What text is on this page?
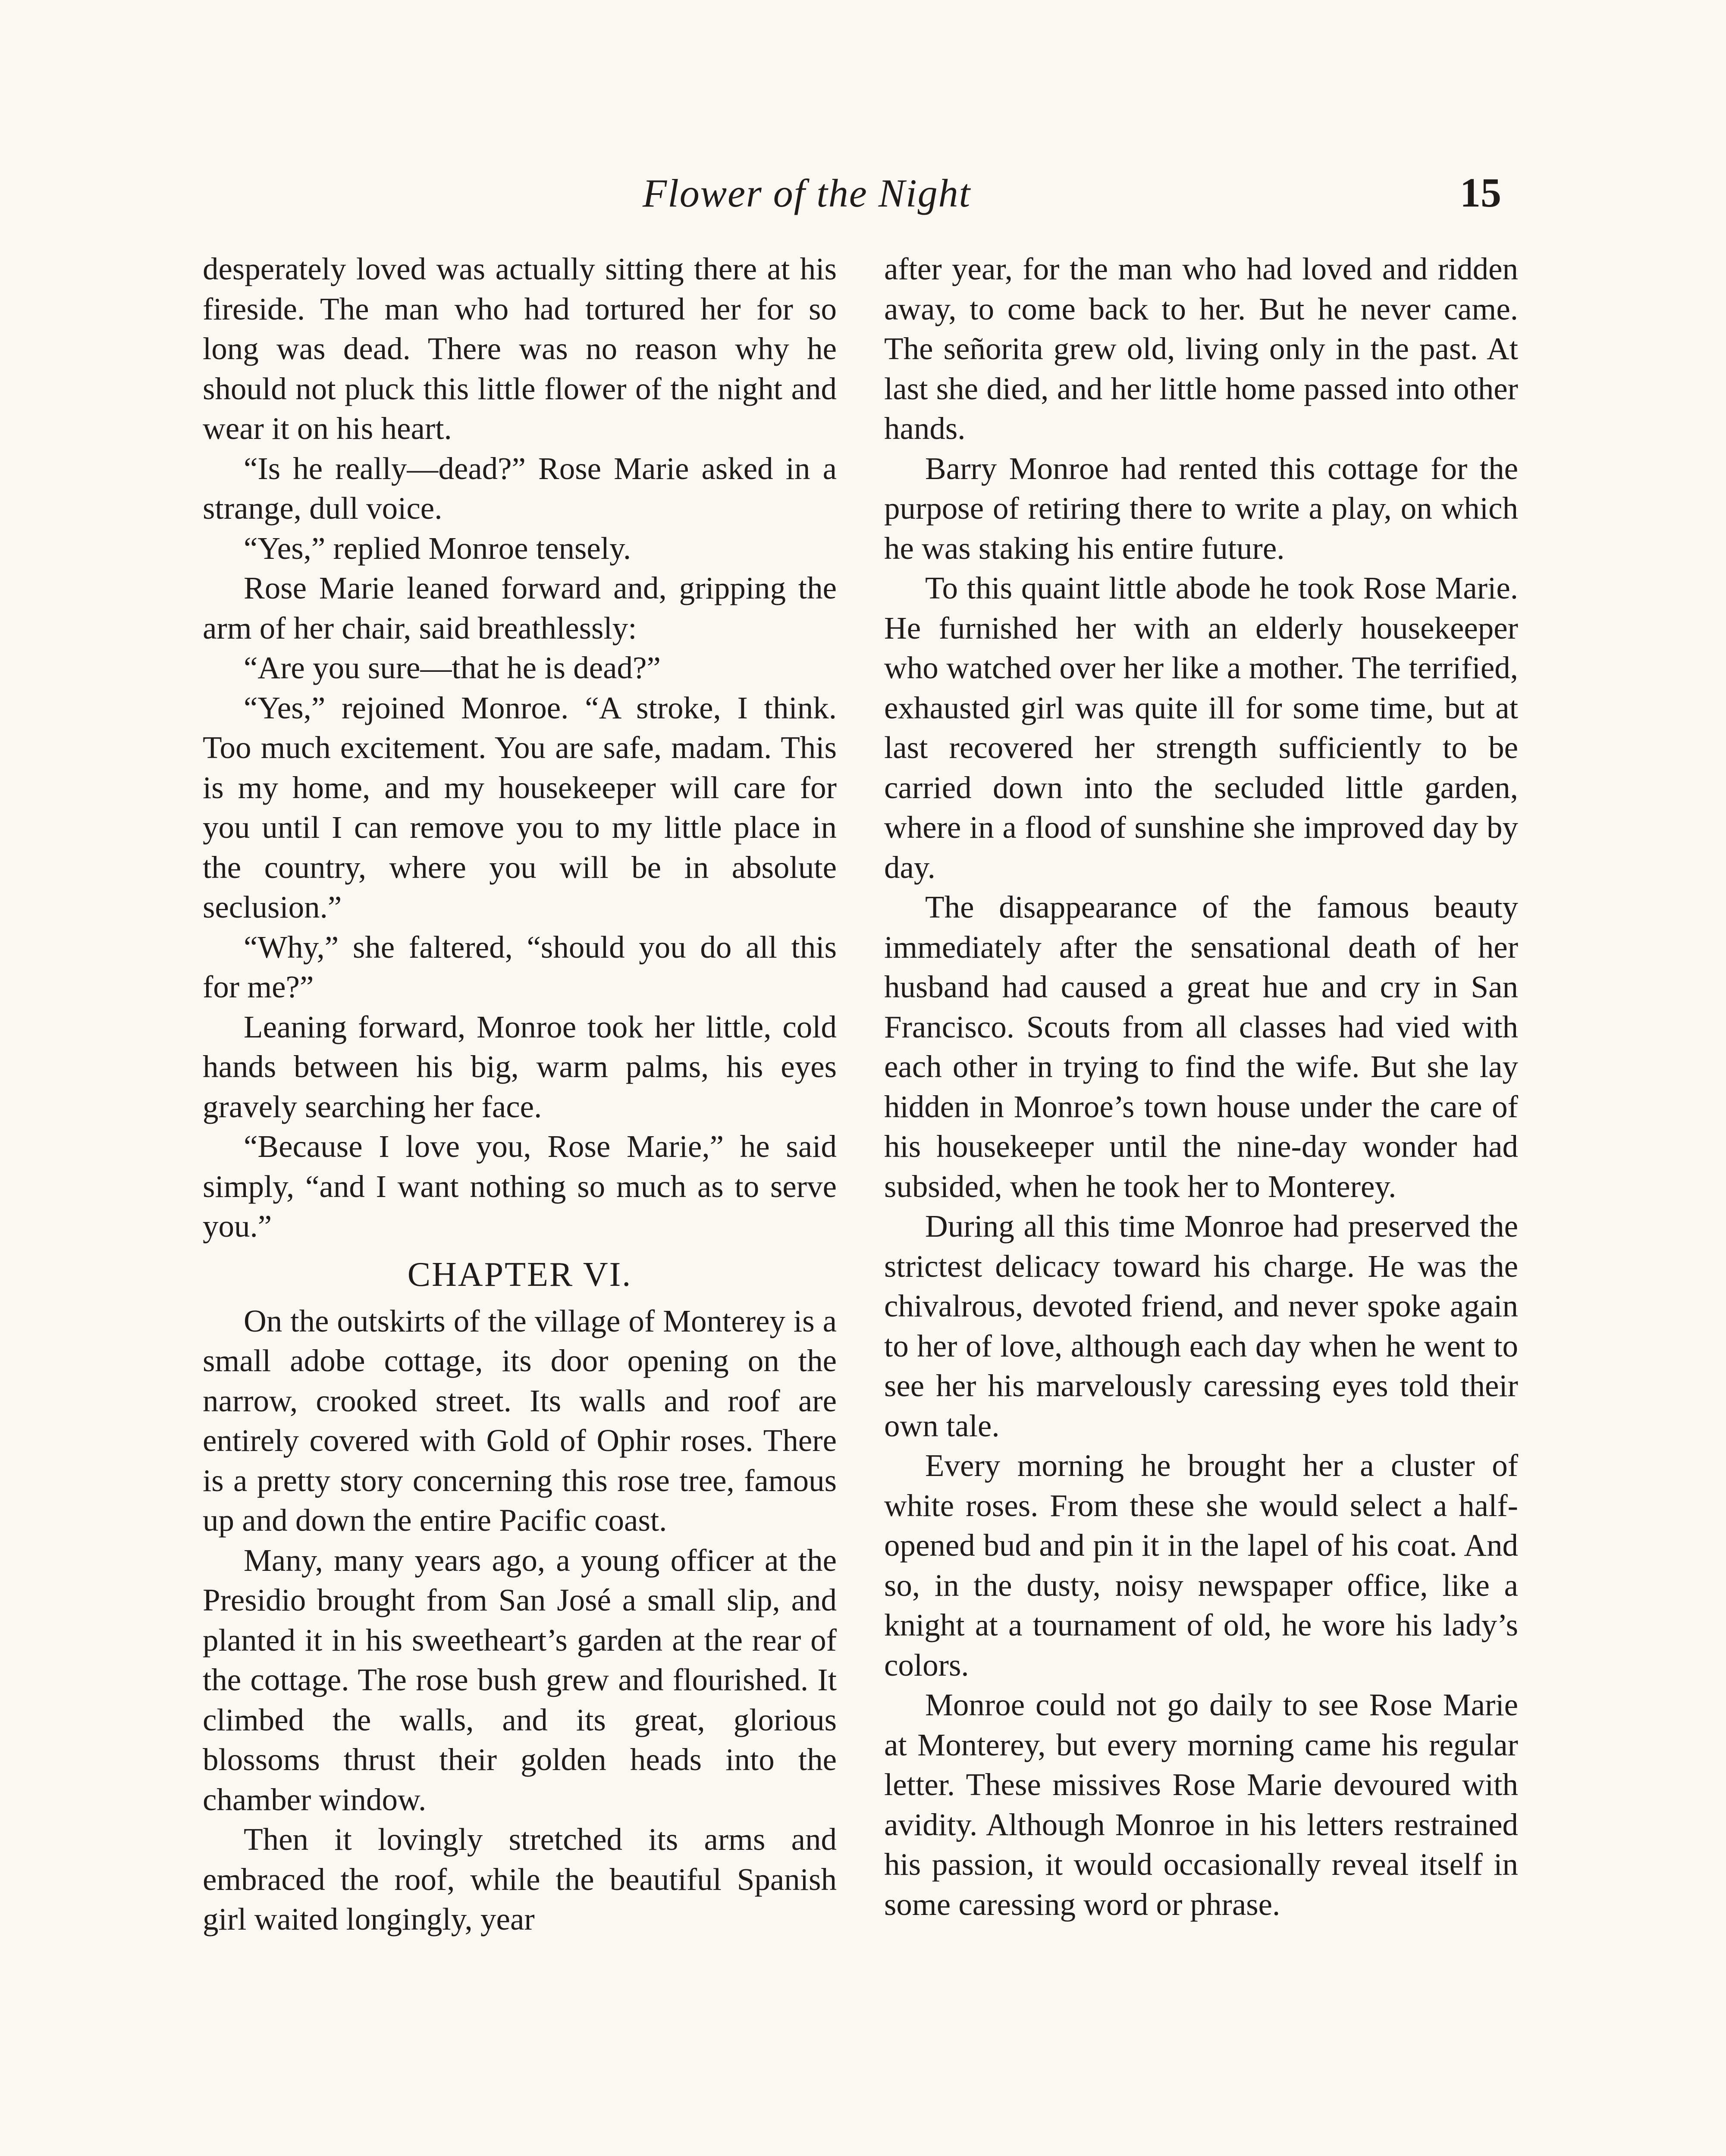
Flower of the Night	15

desperately loved was actually sitting there at his fireside. The man who had tortured her for so long was dead. There was no reason why he should not pluck this little flower of the night and wear it on his heart.

“Is he really—dead?” Rose Marie asked in a strange, dull voice.

“Yes,” replied Monroe tensely.

Rose Marie leaned forward and, gripping the arm of her chair, said breathlessly:

“Are you sure—that he is dead?”

“Yes,” rejoined Monroe. “A stroke, I think. Too much excitement. You are safe, madam. This is my home, and my housekeeper will care for you until I can remove you to my little place in the country, where you will be in absolute seclusion.”

“Why,” she faltered, “should you do all this for me?”

Leaning forward, Monroe took her little, cold hands between his big, warm palms, his eyes gravely searching her face.

“Because I love you, Rose Marie,” he said simply, “and I want nothing so much as to serve you.”

CHAPTER VI.

On the outskirts of the village of Monterey is a small adobe cottage, its door opening on the narrow, crooked street. Its walls and roof are entirely covered with Gold of Ophir roses. There is a pretty story concerning this rose tree, famous up and down the entire Pacific coast.

Many, many years ago, a young officer at the Presidio brought from San José a small slip, and planted it in his sweetheart’s garden at the rear of the cottage. The rose bush grew and flourished. It climbed the walls, and its great, glorious blossoms thrust their golden heads into the chamber window.

Then it lovingly stretched its arms and embraced the roof, while the beautiful Spanish girl waited longingly, year

after year, for the man who had loved and ridden away, to come back to her. But he never came. The señorita grew old, living only in the past. At last she died, and her little home passed into other hands.

Barry Monroe had rented this cottage for the purpose of retiring there to write a play, on which he was staking his entire future.

To this quaint little abode he took Rose Marie. He furnished her with an elderly housekeeper who watched over her like a mother. The terrified, exhausted girl was quite ill for some time, but at last recovered her strength sufficiently to be carried down into the secluded little garden, where in a flood of sunshine she improved day by day.

The disappearance of the famous beauty immediately after the sensational death of her husband had caused a great hue and cry in San Francisco. Scouts from all classes had vied with each other in trying to find the wife. But she lay hidden in Monroe’s town house under the care of his housekeeper until the nine-day wonder had subsided, when he took her to Monterey.

During all this time Monroe had preserved the strictest delicacy toward his charge. He was the chivalrous, devoted friend, and never spoke again to her of love, although each day when he went to see her his marvelously caressing eyes told their own tale.

Every morning he brought her a cluster of white roses. From these she would select a half-opened bud and pin it in the lapel of his coat. And so, in the dusty, noisy newspaper office, like a knight at a tournament of old, he wore his lady’s colors.

Monroe could not go daily to see Rose Marie at Monterey, but every morning came his regular letter. These missives Rose Marie devoured with avidity. Although Monroe in his letters restrained his passion, it would occasionally reveal itself in some caressing word or phrase.
